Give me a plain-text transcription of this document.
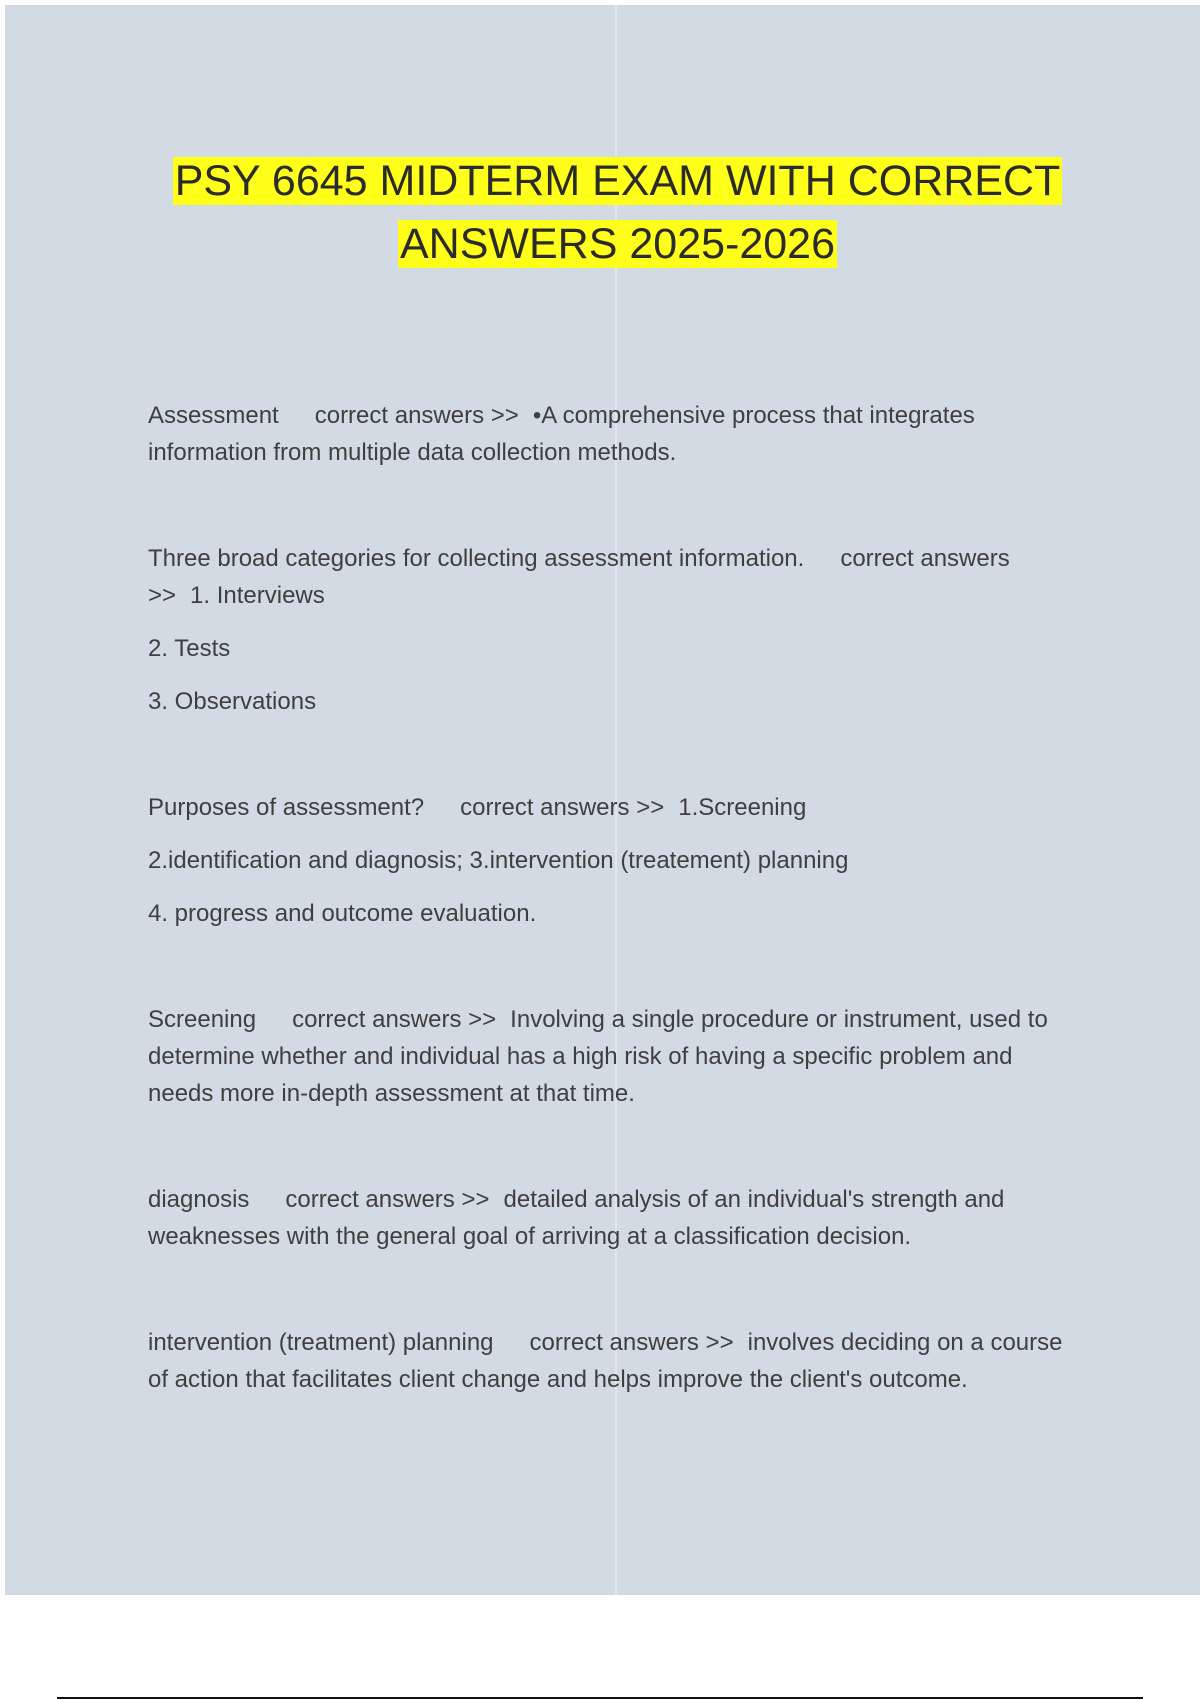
PSY 6645 MIDTERM EXAM WITH CORRECT
ANSWERS 2025-2026
Assessment correct answers >> •A comprehensive process that integrates information from multiple data collection methods.
Three broad categories for collecting assessment information. correct answers >> 1. Interviews
2. Tests
3. Observations
Purposes of assessment? correct answers >> 1.Screening
2.identification and diagnosis; 3.intervention (treatement) planning
4. progress and outcome evaluation.
Screening correct answers >> Involving a single procedure or instrument, used to determine whether and individual has a high risk of having a specific problem and needs more in-depth assessment at that time.
diagnosis correct answers >> detailed analysis of an individual's strength and weaknesses with the general goal of arriving at a classification decision.
intervention (treatment) planning correct answers >> involves deciding on a course of action that facilitates client change and helps improve the client's outcome.
